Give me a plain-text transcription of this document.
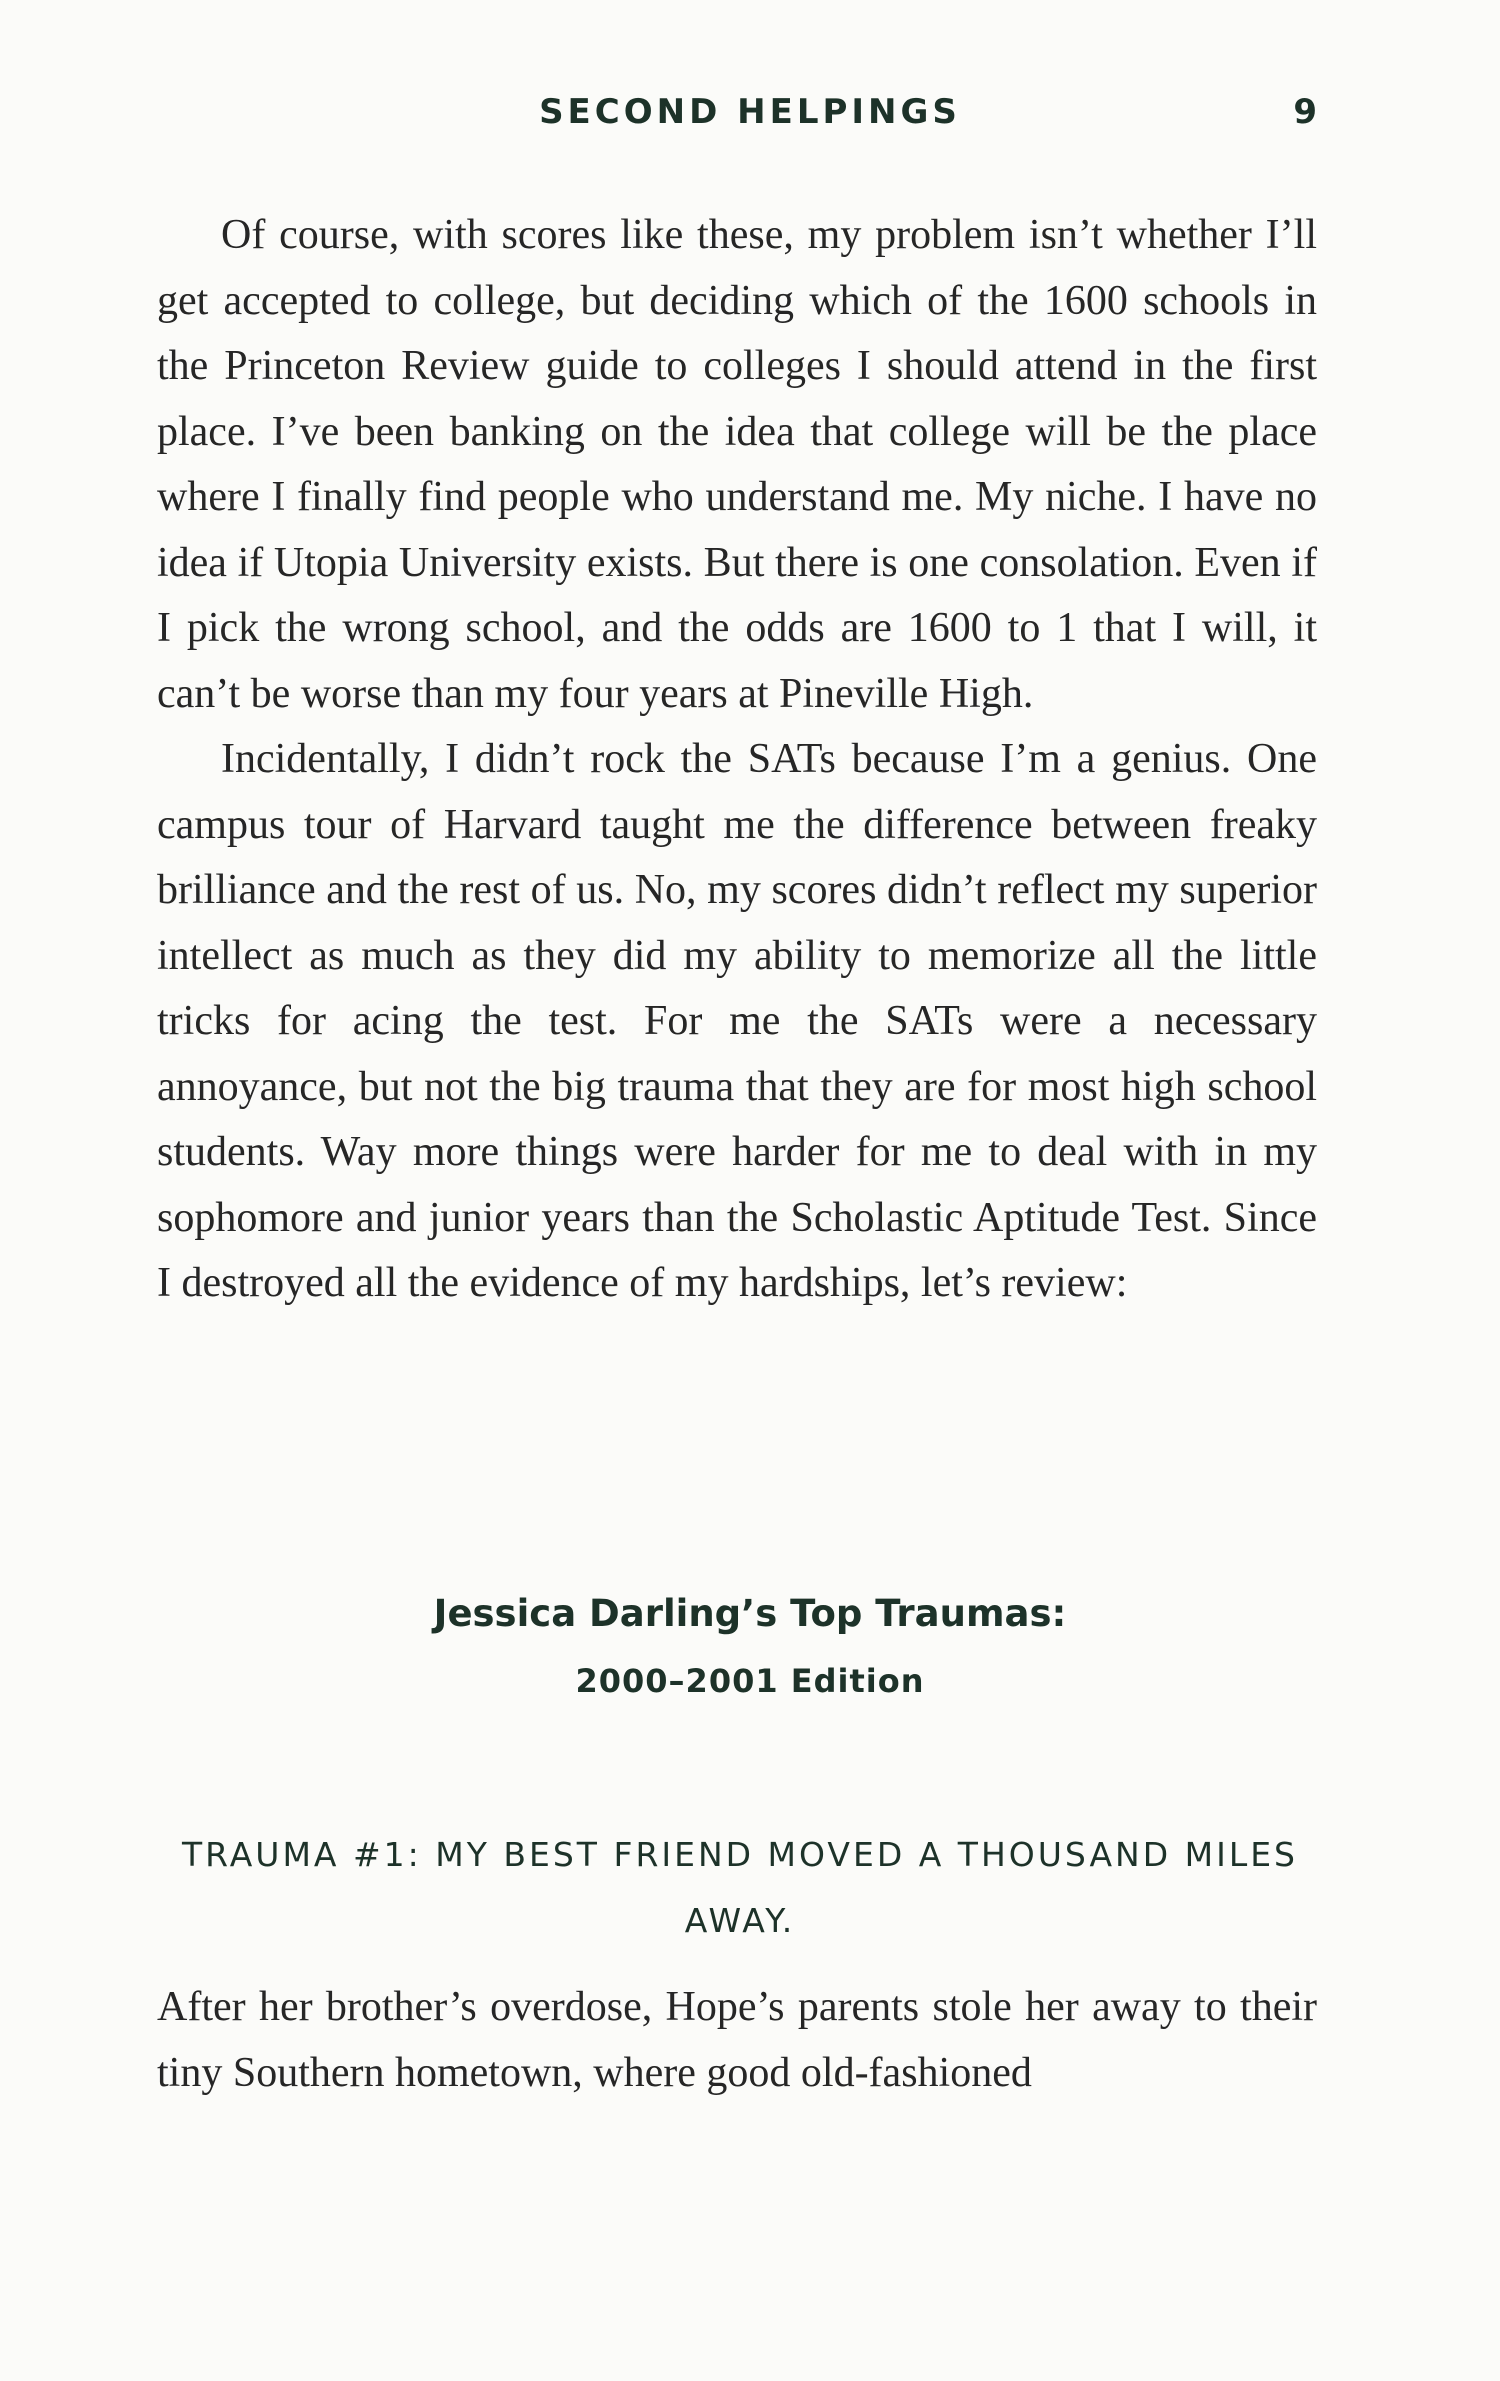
SECOND HELPINGS	9

Of course, with scores like these, my problem isn’t whether I’ll get accepted to college, but deciding which of the 1600 schools in the Princeton Review guide to colleges I should attend in the first place. I’ve been banking on the idea that college will be the place where I finally find people who understand me. My niche. I have no idea if Utopia University exists. But there is one consolation. Even if I pick the wrong school, and the odds are 1600 to 1 that I will, it can’t be worse than my four years at Pineville High.

Incidentally, I didn’t rock the SATs because I’m a genius. One campus tour of Harvard taught me the difference between freaky brilliance and the rest of us. No, my scores didn’t reflect my superior intellect as much as they did my ability to memorize all the little tricks for acing the test. For me the SATs were a necessary annoyance, but not the big trauma that they are for most high school students. Way more things were harder for me to deal with in my sophomore and junior years than the Scholastic Aptitude Test. Since I destroyed all the evidence of my hardships, let’s review:

Jessica Darling’s Top Traumas:
2000–2001 Edition
TRAUMA #1: MY BEST FRIEND MOVED A THOUSAND MILES AWAY.

After her brother’s overdose, Hope’s parents stole her away to their tiny Southern hometown, where good old-fashioned
